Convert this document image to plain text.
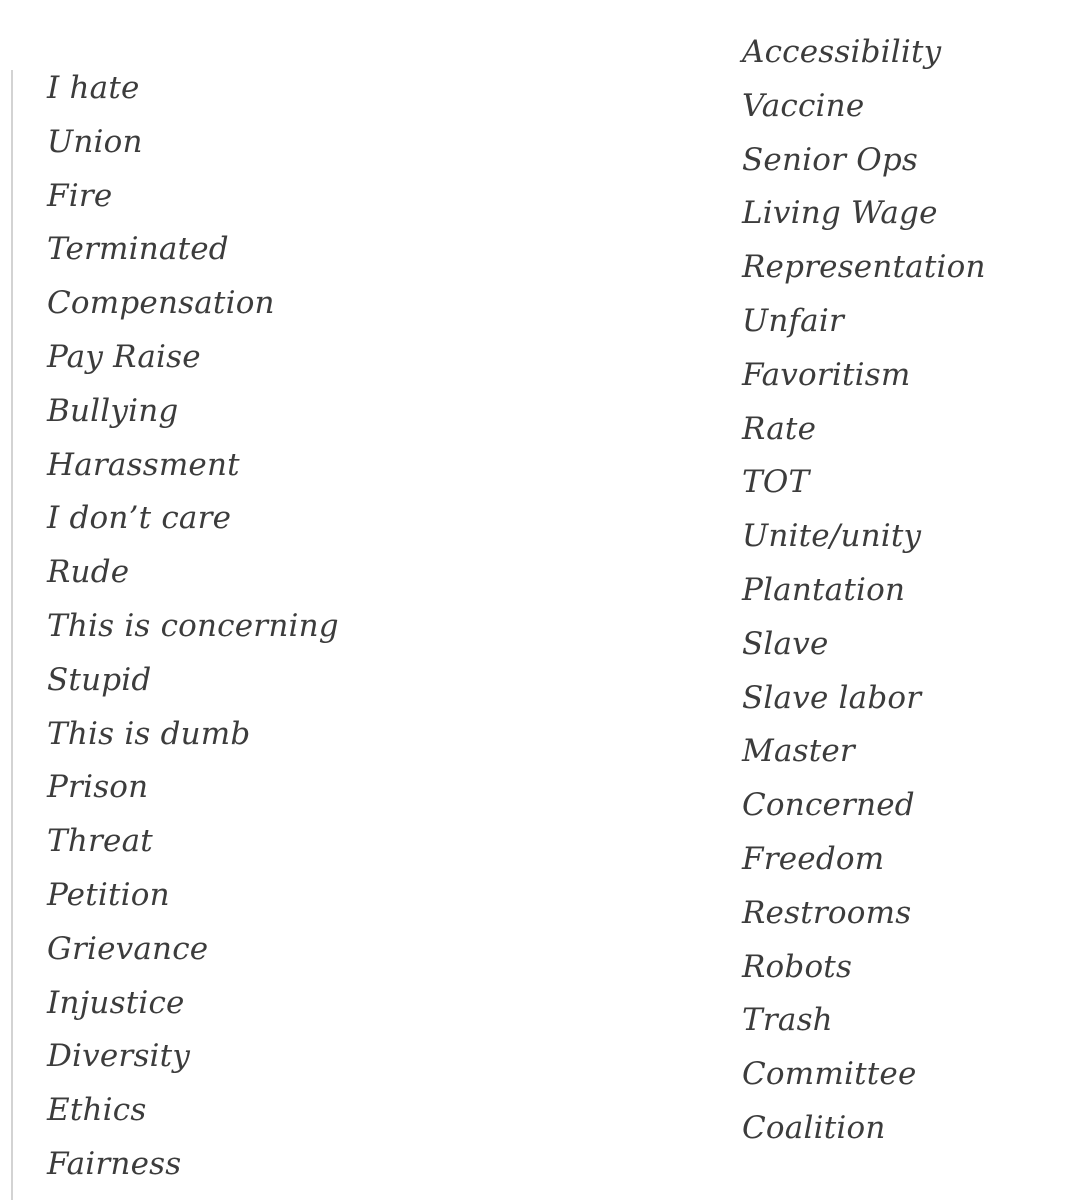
I hate
Union
Fire
Terminated
Compensation
Pay Raise
Bullying
Harassment
I don’t care
Rude
This is concerning
Stupid
This is dumb
Prison
Threat
Petition
Grievance
Injustice
Diversity
Ethics
Fairness
Accessibility
Vaccine
Senior Ops
Living Wage
Representation
Unfair
Favoritism
Rate
TOT
Unite/unity
Plantation
Slave
Slave labor
Master
Concerned
Freedom
Restrooms
Robots
Trash
Committee
Coalition
